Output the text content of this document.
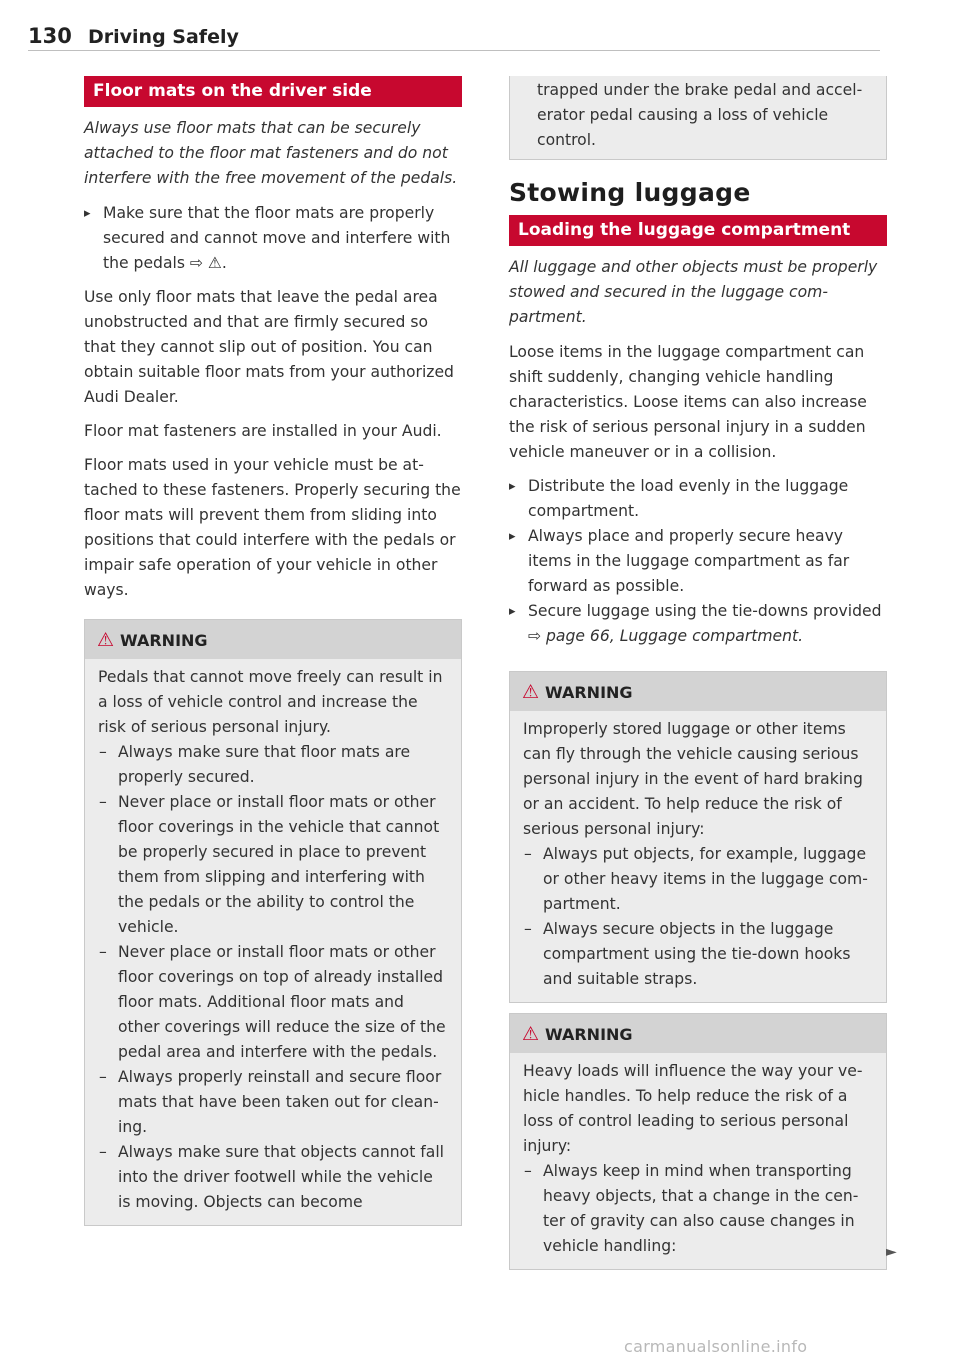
130 Driving Safely
Floor mats on the driver side

Always use floor mats that can be securely attached to the floor mat fasteners and do not interfere with the free movement of the pedals.

▸ Make sure that the floor mats are properly secured and cannot move and interfere with the pedals ⇨ ⚠.

Use only floor mats that leave the pedal area unobstructed and that are firmly secured so that they cannot slip out of position. You can obtain suitable floor mats from your authorized Audi Dealer.

Floor mat fasteners are installed in your Audi.

Floor mats used in your vehicle must be attached to these fasteners. Properly securing the floor mats will prevent them from sliding into positions that could interfere with the pedals or impair safe operation of your vehicle in other ways.

⚠ WARNING
Pedals that cannot move freely can result in a loss of vehicle control and increase the risk of serious personal injury.
– Always make sure that floor mats are properly secured.
– Never place or install floor mats or other floor coverings in the vehicle that cannot be properly secured in place to prevent them from slipping and interfering with the pedals or the ability to control the vehicle.
– Never place or install floor mats or other floor coverings on top of already installed floor mats. Additional floor mats and other coverings will reduce the size of the pedal area and interfere with the pedals.
– Always properly reinstall and secure floor mats that have been taken out for cleaning.
– Always make sure that objects cannot fall into the driver footwell while the vehicle is moving. Objects can become
trapped under the brake pedal and accelerator pedal causing a loss of vehicle control.
Stowing luggage
Loading the luggage compartment

All luggage and other objects must be properly stowed and secured in the luggage compartment.

Loose items in the luggage compartment can shift suddenly, changing vehicle handling characteristics. Loose items can also increase the risk of serious personal injury in a sudden vehicle maneuver or in a collision.

▸ Distribute the load evenly in the luggage compartment.

▸ Always place and properly secure heavy items in the luggage compartment as far forward as possible.

▸ Secure luggage using the tie-downs provided ⇨ page 66, Luggage compartment.

⚠ WARNING
Improperly stored luggage or other items can fly through the vehicle causing serious personal injury in the event of hard braking or an accident. To help reduce the risk of serious personal injury:
– Always put objects, for example, luggage or other heavy items in the luggage compartment.
– Always secure objects in the luggage compartment using the tie-down hooks and suitable straps.
⚠ WARNING
Heavy loads will influence the way your vehicle handles. To help reduce the risk of a loss of control leading to serious personal injury:
– Always keep in mind when transporting heavy objects, that a change in the center of gravity can also cause changes in vehicle handling:	►
carmanualsonline.info
